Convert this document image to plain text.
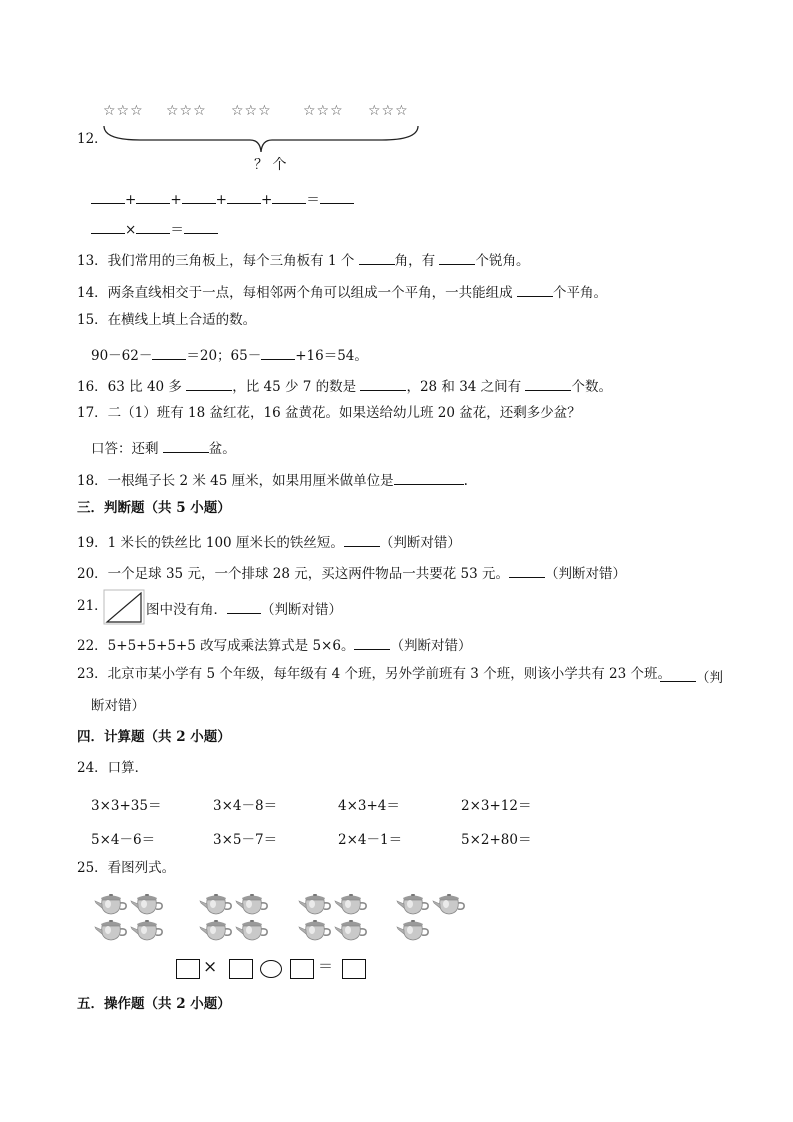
☆☆☆ ☆☆☆ ☆☆☆ ☆☆☆ ☆☆☆
12．
？ 个
+	+	+	+	＝
×	＝
13．我们常用的三角板上，每个三角板有 1 个	角，有	个锐角。
14．两条直线相交于一点，每相邻两个角可以组成一个平角，一共能组成	个平角。
15．在横线上填上合适的数。
90－62－	＝20；65－	+16＝54。
16．63 比 40 多	，比 45 少 7 的数是	，28 和 34 之间有	个数。
17．二（1）班有 18 盆红花，16 盆黄花。如果送给幼儿班 20 盆花，还剩多少盆？
口答：还剩	盆。
18．一根绳子长 2 米 45 厘米，如果用厘米做单位是	.
三．判断题（共 5 小题）
19．1 米长的铁丝比 100 厘米长的铁丝短。	（判断对错）
20．一个足球 35 元，一个排球 28 元，买这两件物品一共要花 53 元。	（判断对错）
21．	图中没有角．	（判断对错）
22．5+5+5+5+5 改写成乘法算式是 5×6。	（判断对错）
23．北京市某小学有 5 个年级，每年级有 4 个班，另外学前班有 3 个班，则该小学共有 23 个班。	（判
断对错）
四．计算题（共 2 小题）
24．口算．
3×3+35＝	3×4－8＝	4×3+4＝	2×3+12＝
5×4－6＝	3×5－7＝	2×4－1＝	5×2+80＝
25．看图列式。
×	＝
五．操作题（共 2 小题）
